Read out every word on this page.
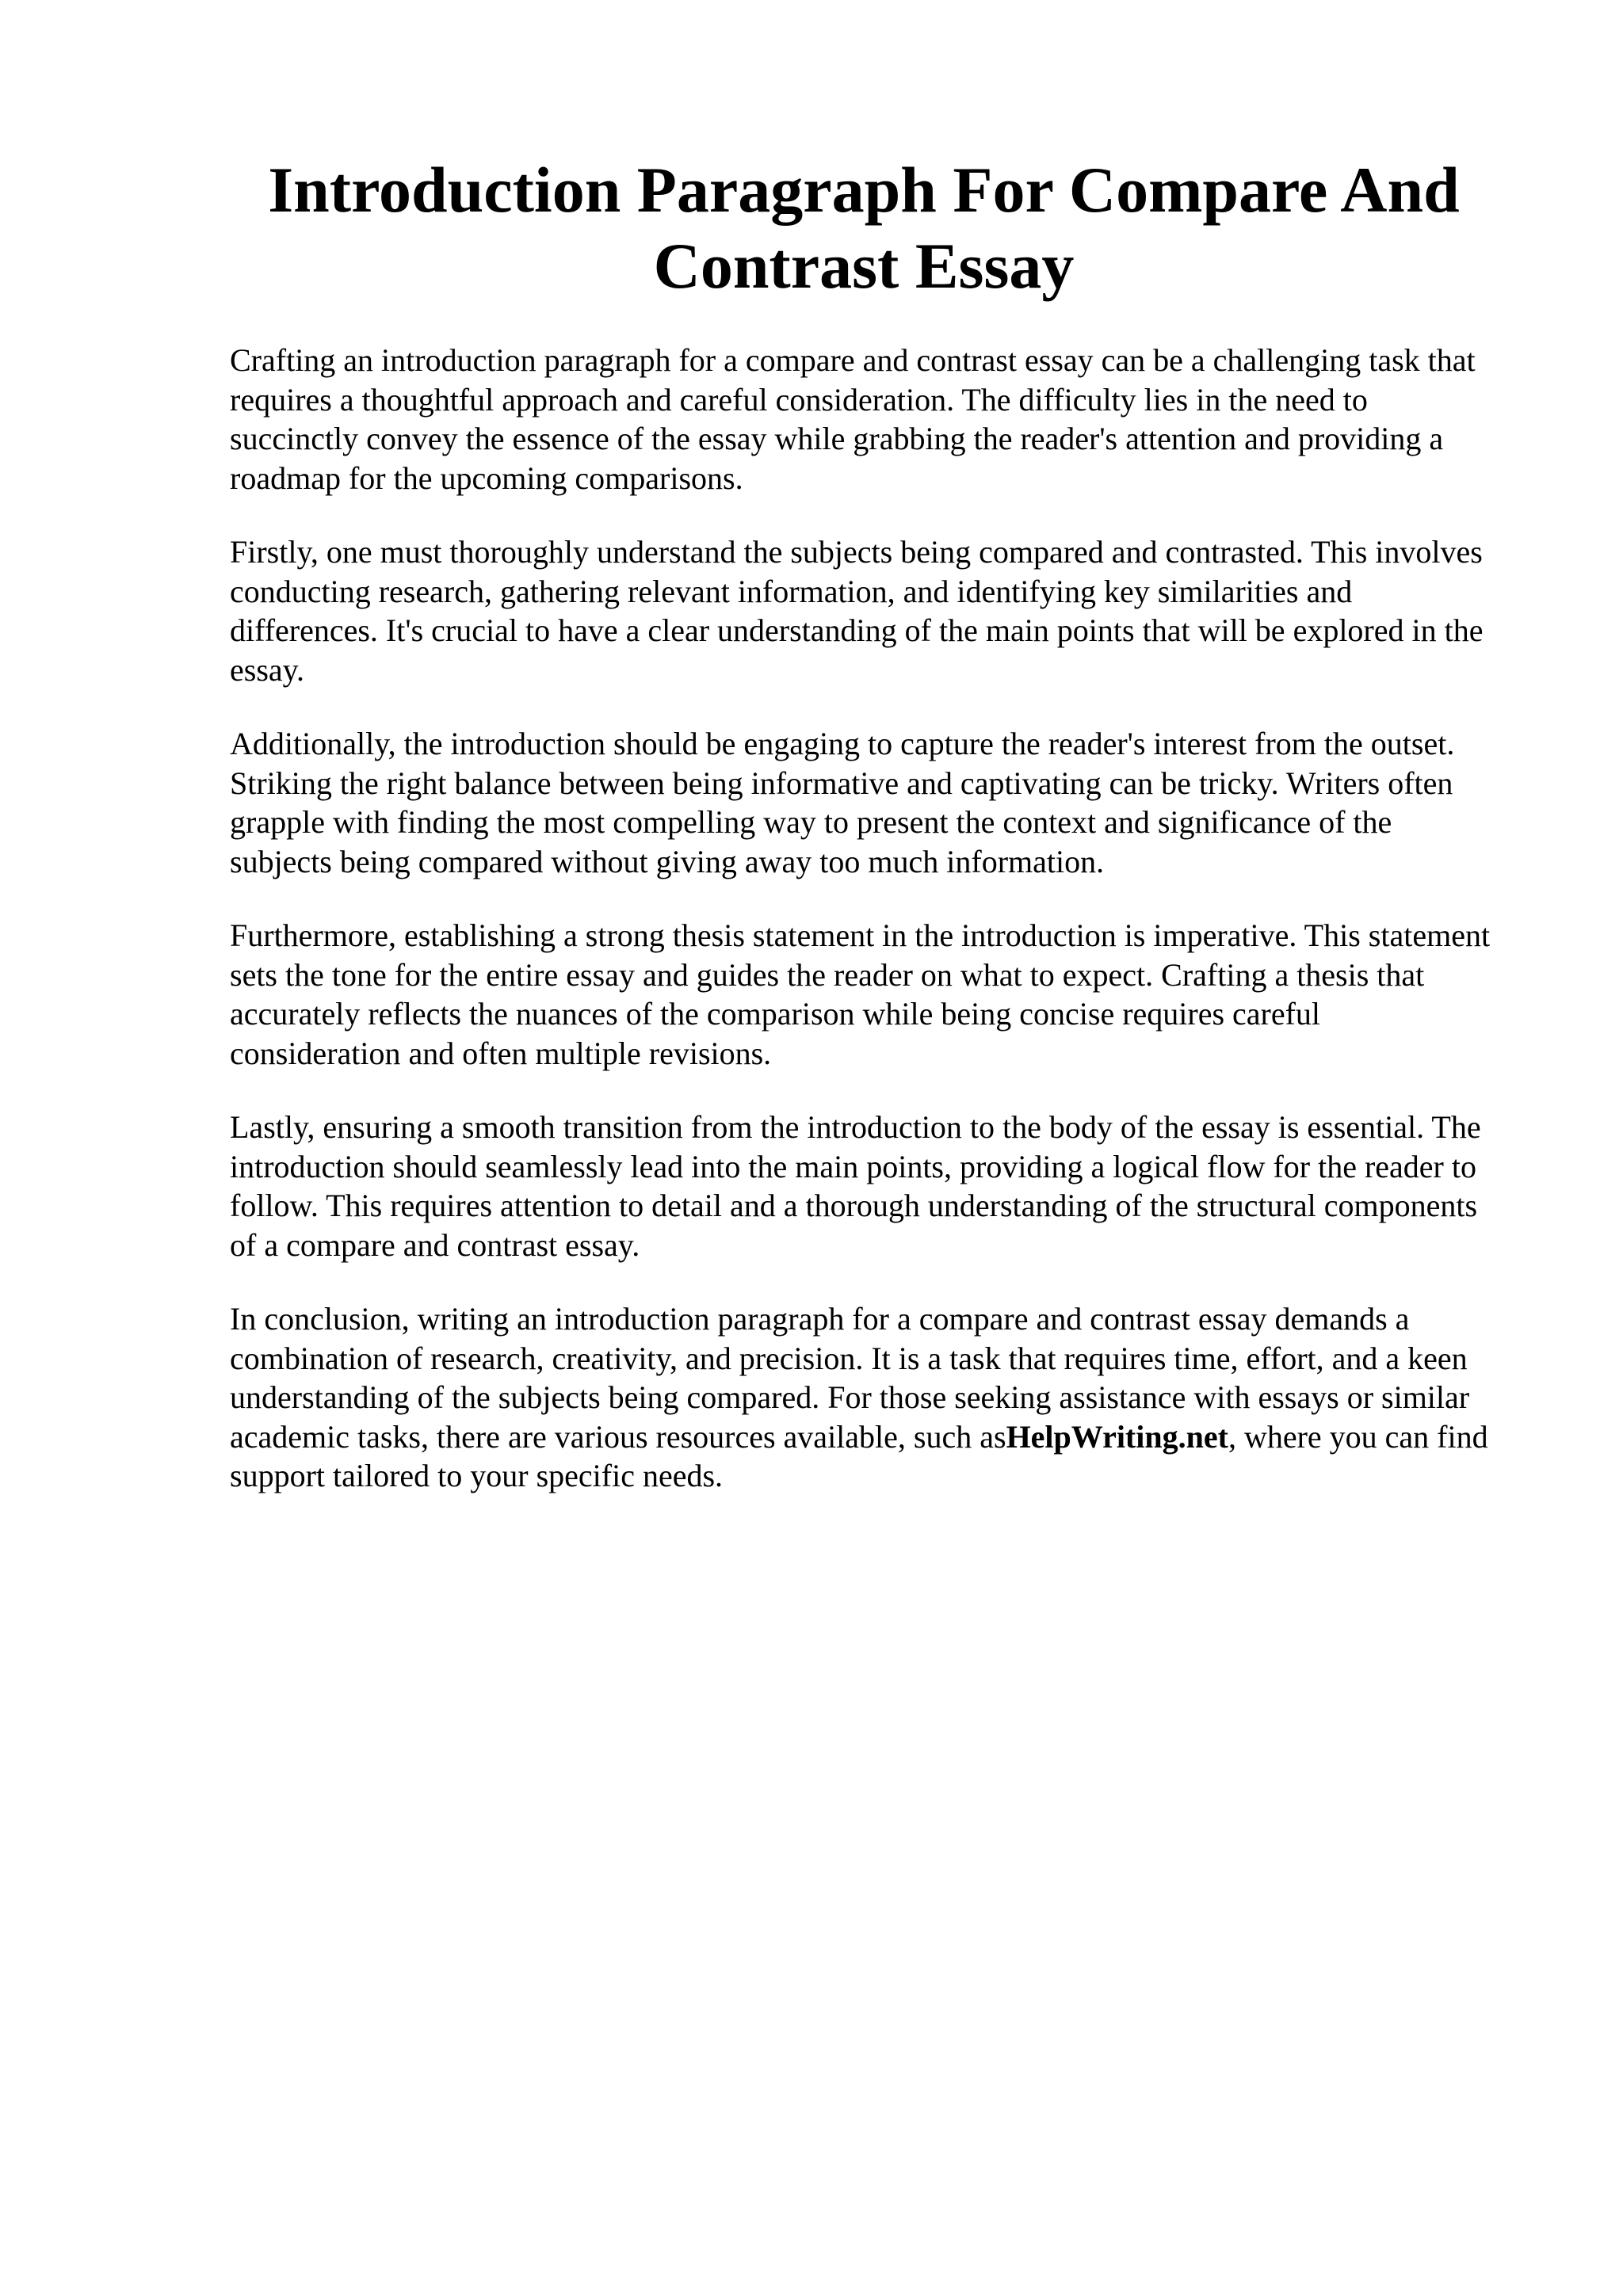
Introduction Paragraph For Compare And Contrast Essay

Crafting an introduction paragraph for a compare and contrast essay can be a challenging task that requires a thoughtful approach and careful consideration. The difficulty lies in the need to succinctly convey the essence of the essay while grabbing the reader's attention and providing a roadmap for the upcoming comparisons.

Firstly, one must thoroughly understand the subjects being compared and contrasted. This involves conducting research, gathering relevant information, and identifying key similarities and differences. It's crucial to have a clear understanding of the main points that will be explored in the essay.

Additionally, the introduction should be engaging to capture the reader's interest from the outset. Striking the right balance between being informative and captivating can be tricky. Writers often grapple with finding the most compelling way to present the context and significance of the subjects being compared without giving away too much information.

Furthermore, establishing a strong thesis statement in the introduction is imperative. This statement sets the tone for the entire essay and guides the reader on what to expect. Crafting a thesis that accurately reflects the nuances of the comparison while being concise requires careful consideration and often multiple revisions.

Lastly, ensuring a smooth transition from the introduction to the body of the essay is essential. The introduction should seamlessly lead into the main points, providing a logical flow for the reader to follow. This requires attention to detail and a thorough understanding of the structural components of a compare and contrast essay.

In conclusion, writing an introduction paragraph for a compare and contrast essay demands a combination of research, creativity, and precision. It is a task that requires time, effort, and a keen understanding of the subjects being compared. For those seeking assistance with essays or similar academic tasks, there are various resources available, such asHelpWriting.net, where you can find support tailored to your specific needs.
